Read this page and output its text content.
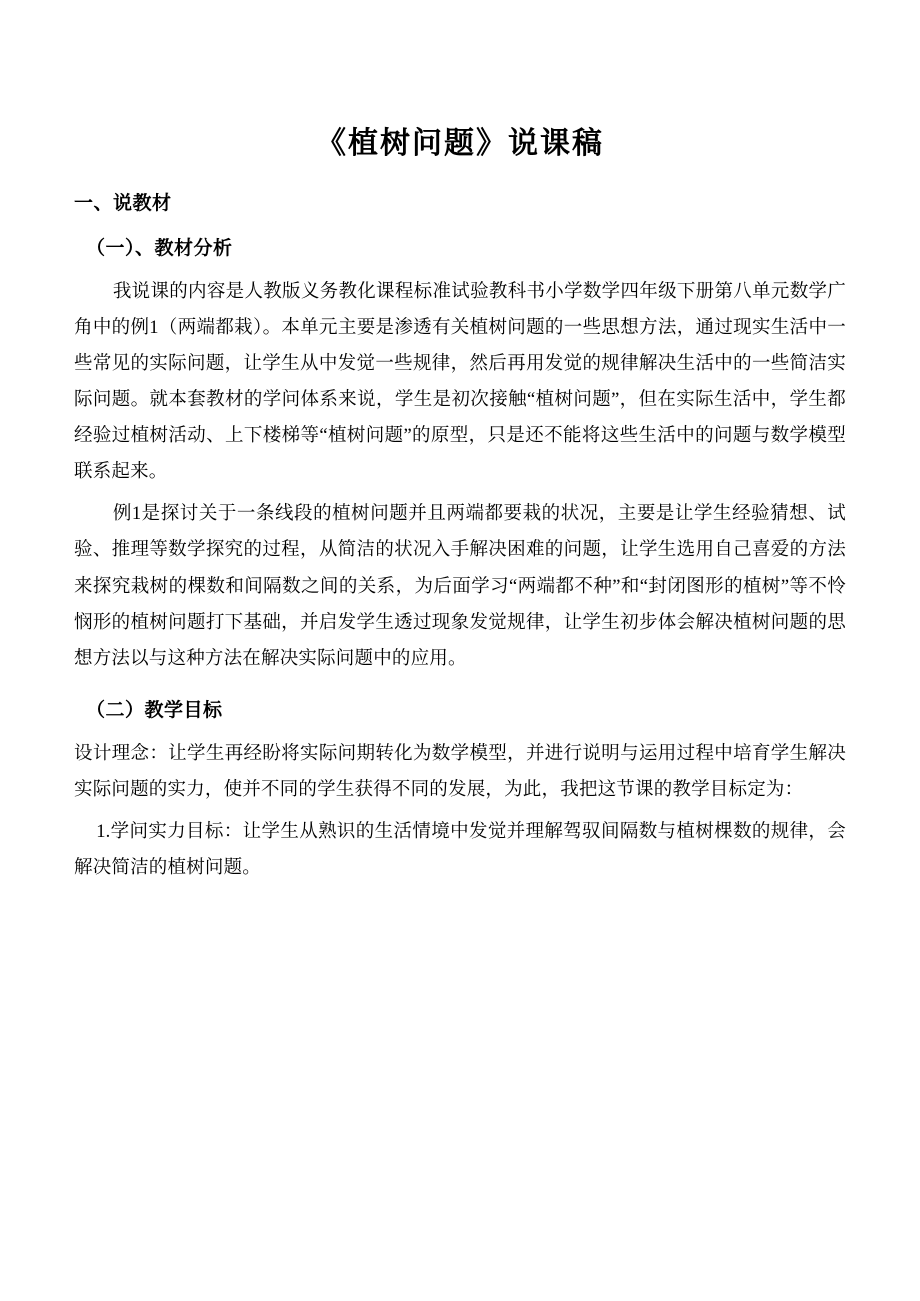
《植树问题》说课稿
一、说教材
（一）、教材分析

我说课的内容是人教版义务教化课程标准试验教科书小学数学四年级下册第八单元数学广角中的例1（两端都栽）。本单元主要是渗透有关植树问题的一些思想方法，通过现实生活中一些常见的实际问题，让学生从中发觉一些规律，然后再用发觉的规律解决生活中的一些简洁实际问题。就本套教材的学问体系来说，学生是初次接触“植树问题”，但在实际生活中，学生都经验过植树活动、上下楼梯等“植树问题”的原型，只是还不能将这些生活中的问题与数学模型联系起来。

例1是探讨关于一条线段的植树问题并且两端都要栽的状况，主要是让学生经验猜想、试验、推理等数学探究的过程，从简洁的状况入手解决困难的问题，让学生选用自己喜爱的方法来探究栽树的棵数和间隔数之间的关系，为后面学习“两端都不种”和“封闭图形的植树”等不怜悯形的植树问题打下基础，并启发学生透过现象发觉规律，让学生初步体会解决植树问题的思想方法以与这种方法在解决实际问题中的应用。

（二）教学目标

设计理念：让学生再经盼将实际问期转化为数学模型，并进行说明与运用过程中培育学生解决实际问题的实力，使并不同的学生获得不同的发展，为此，我把这节课的教学目标定为：

1.学问实力目标：让学生从熟识的生活情境中发觉并理解驾驭间隔数与植树棵数的规律，会解决简洁的植树问题。
